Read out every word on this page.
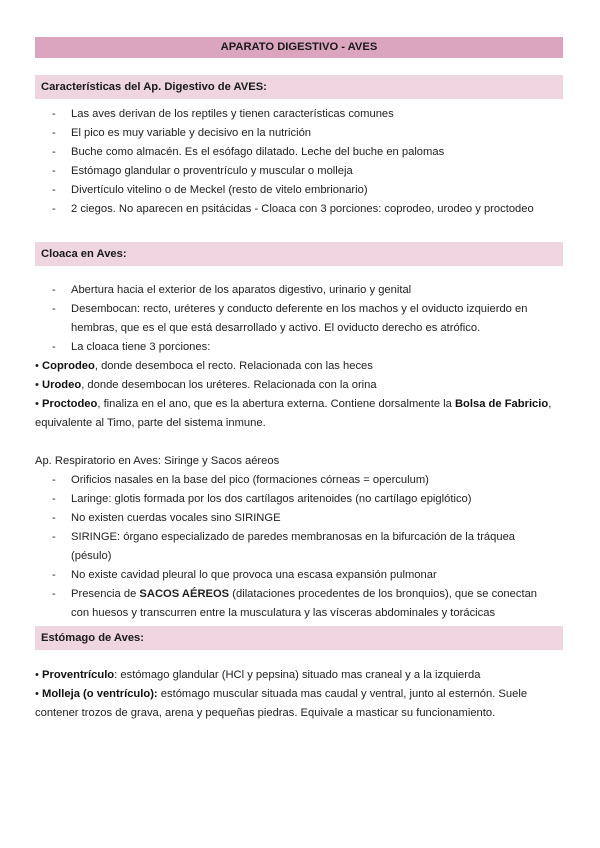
APARATO DIGESTIVO - AVES
Características del Ap. Digestivo de AVES:
- Las aves derivan de los reptiles y tienen características comunes
- El pico es muy variable y decisivo en la nutrición
- Buche como almacén. Es el esófago dilatado. Leche del buche en palomas
- Estómago glandular o proventrículo y muscular o molleja
- Divertículo vitelino o de Meckel (resto de vitelo embrionario)
- 2 ciegos. No aparecen en psitácidas - Cloaca con 3 porciones: coprodeo, urodeo y proctodeo
Cloaca en Aves:
- Abertura hacia el exterior de los aparatos digestivo, urinario y genital
- Desembocan: recto, uréteres y conducto deferente en los machos y el oviducto izquierdo en hembras, que es el que está desarrollado y activo. El oviducto derecho es atrófico.
- La cloaca tiene 3 porciones:
• Coprodeo, donde desemboca el recto. Relacionada con las heces
• Urodeo, donde desembocan los uréteres. Relacionada con la orina
• Proctodeo, finaliza en el ano, que es la abertura externa. Contiene dorsalmente la Bolsa de Fabricio, equivalente al Timo, parte del sistema inmune.
Ap. Respiratorio en Aves: Siringe y Sacos aéreos
- Orificios nasales en la base del pico (formaciones córneas = operculum)
- Laringe: glotis formada por los dos cartílagos aritenoides (no cartílago epiglótico)
- No existen cuerdas vocales sino SIRINGE
- SIRINGE: órgano especializado de paredes membranosas en la bifurcación de la tráquea (pésulo)
- No existe cavidad pleural lo que provoca una escasa expansión pulmonar
- Presencia de SACOS AÉREOS (dilataciones procedentes de los bronquios), que se conectan con huesos y transcurren entre la musculatura y las vísceras abdominales y torácicas
Estómago de Aves:
• Proventrículo: estómago glandular (HCl y pepsina) situado mas craneal y a la izquierda
• Molleja (o ventrículo): estómago muscular situada mas caudal y ventral, junto al esternón. Suele contener trozos de grava, arena y pequeñas piedras. Equivale a masticar su funcionamiento.
